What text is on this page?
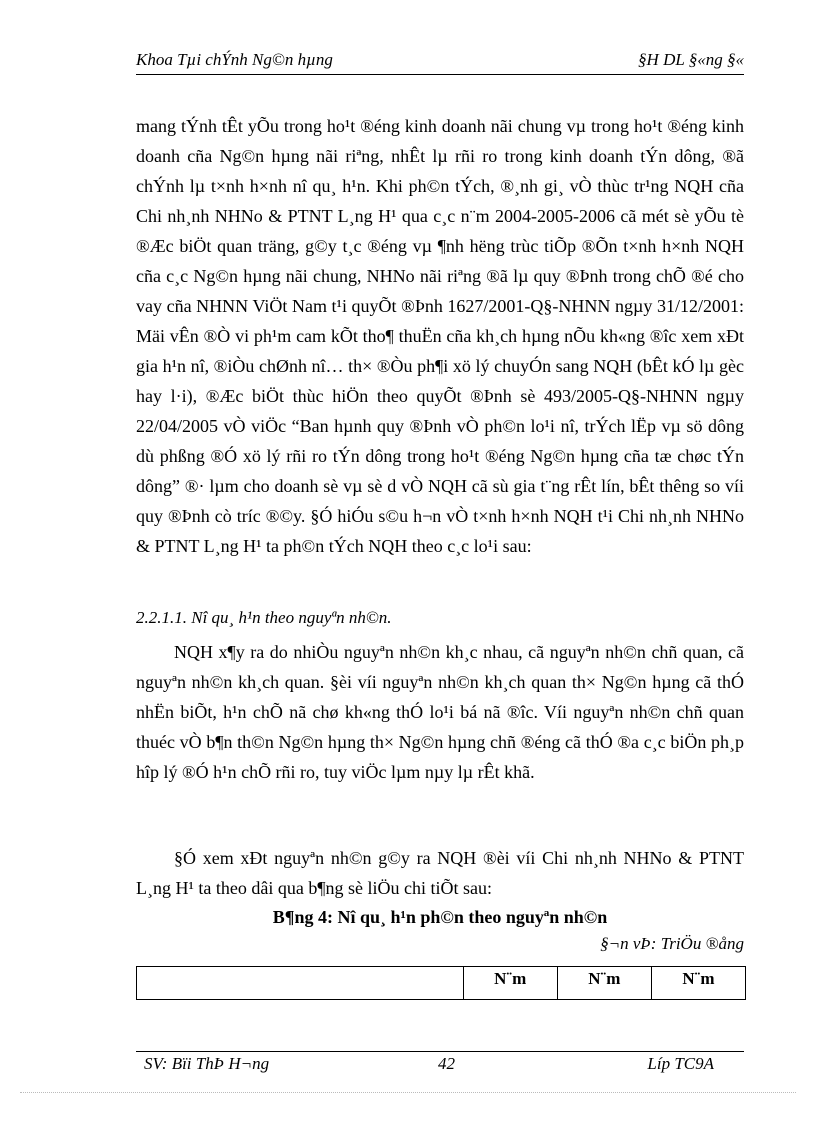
Khoa Tµi chÝnh Ng©n hµng	§H DL §«ng §«

mang tÝnh tÊt yÕu trong ho¹t ®éng kinh doanh nãi chung vµ trong ho¹t ®éng kinh doanh cña Ng©n hµng nãi riªng, nhÊt lµ rñi ro trong kinh doanh tÝn dông, ®ã chÝnh lµ t×nh h×nh nî qu¸ h¹n. Khi ph©n tÝch, ®¸nh gi¸ vÒ thùc tr¹ng NQH cña Chi nh¸nh NHNo & PTNT L¸ng H¹ qua c¸c n¨m 2004-2005-2006 cã mét sè yÕu tè ®Æc biÖt quan träng, g©y t¸c ®éng vµ ¶nh hëng trùc tiÕp ®Õn t×nh h×nh NQH cña c¸c Ng©n hµng nãi chung, NHNo nãi riªng ®ã lµ quy ®Þnh trong chÕ ®é cho vay cña NHNN ViÖt Nam t¹i quyÕt ®Þnh 1627/2001-Q§-NHNN ngµy 31/12/2001: Mäi vÊn ®Ò vi ph¹m cam kÕt tho¶ thuËn cña kh¸ch hµng nÕu kh«ng ®îc xem xÐt gia h¹n nî, ®iÒu chØnh nî… th× ®Òu ph¶i xö lý chuyÓn sang NQH (bÊt kÓ lµ gèc hay l·i), ®Æc biÖt thùc hiÖn theo quyÕt ®Þnh sè 493/2005-Q§-NHNN ngµy 22/04/2005 vÒ viÖc “Ban hµnh quy ®Þnh vÒ ph©n lo¹i nî, trÝch lËp vµ sö dông dù phßng ®Ó xö lý rñi ro tÝn dông trong ho¹t ®éng Ng©n hµng cña tæ chøc tÝn dông” ®· lµm cho doanh sè vµ sè d vÒ NQH cã sù gia t¨ng rÊt lín, bÊt thêng so víi quy ®Þnh cò tríc ®©y. §Ó hiÓu s©u h¬n vÒ t×nh h×nh NQH t¹i Chi nh¸nh NHNo & PTNT L¸ng H¹ ta ph©n tÝch NQH theo c¸c lo¹i sau:

2.2.1.1. Nî qu¸ h¹n theo nguyªn nh©n.

NQH x¶y ra do nhiÒu nguyªn nh©n kh¸c nhau, cã nguyªn nh©n chñ quan, cã nguyªn nh©n kh¸ch quan. §èi víi nguyªn nh©n kh¸ch quan th× Ng©n hµng cã thÓ nhËn biÕt, h¹n chÕ nã chø kh«ng thÓ lo¹i bá nã ®îc. Víi nguyªn nh©n chñ quan thuéc vÒ b¶n th©n Ng©n hµng th× Ng©n hµng chñ ®éng cã thÓ ®a c¸c biÖn ph¸p hîp lý ®Ó h¹n chÕ rñi ro, tuy viÖc lµm nµy lµ rÊt khã.

§Ó xem xÐt nguyªn nh©n g©y ra NQH ®èi víi Chi nh¸nh NHNo & PTNT L¸ng H¹ ta theo dâi qua b¶ng sè liÖu chi tiÕt sau:

B¶ng 4: Nî qu¸ h¹n ph©n theo nguyªn nh©n
§¬n vÞ: TriÖu ®ång
	N¨m	N¨m	N¨m
SV: Bïi ThÞ H¬ng	42	Líp TC9A
